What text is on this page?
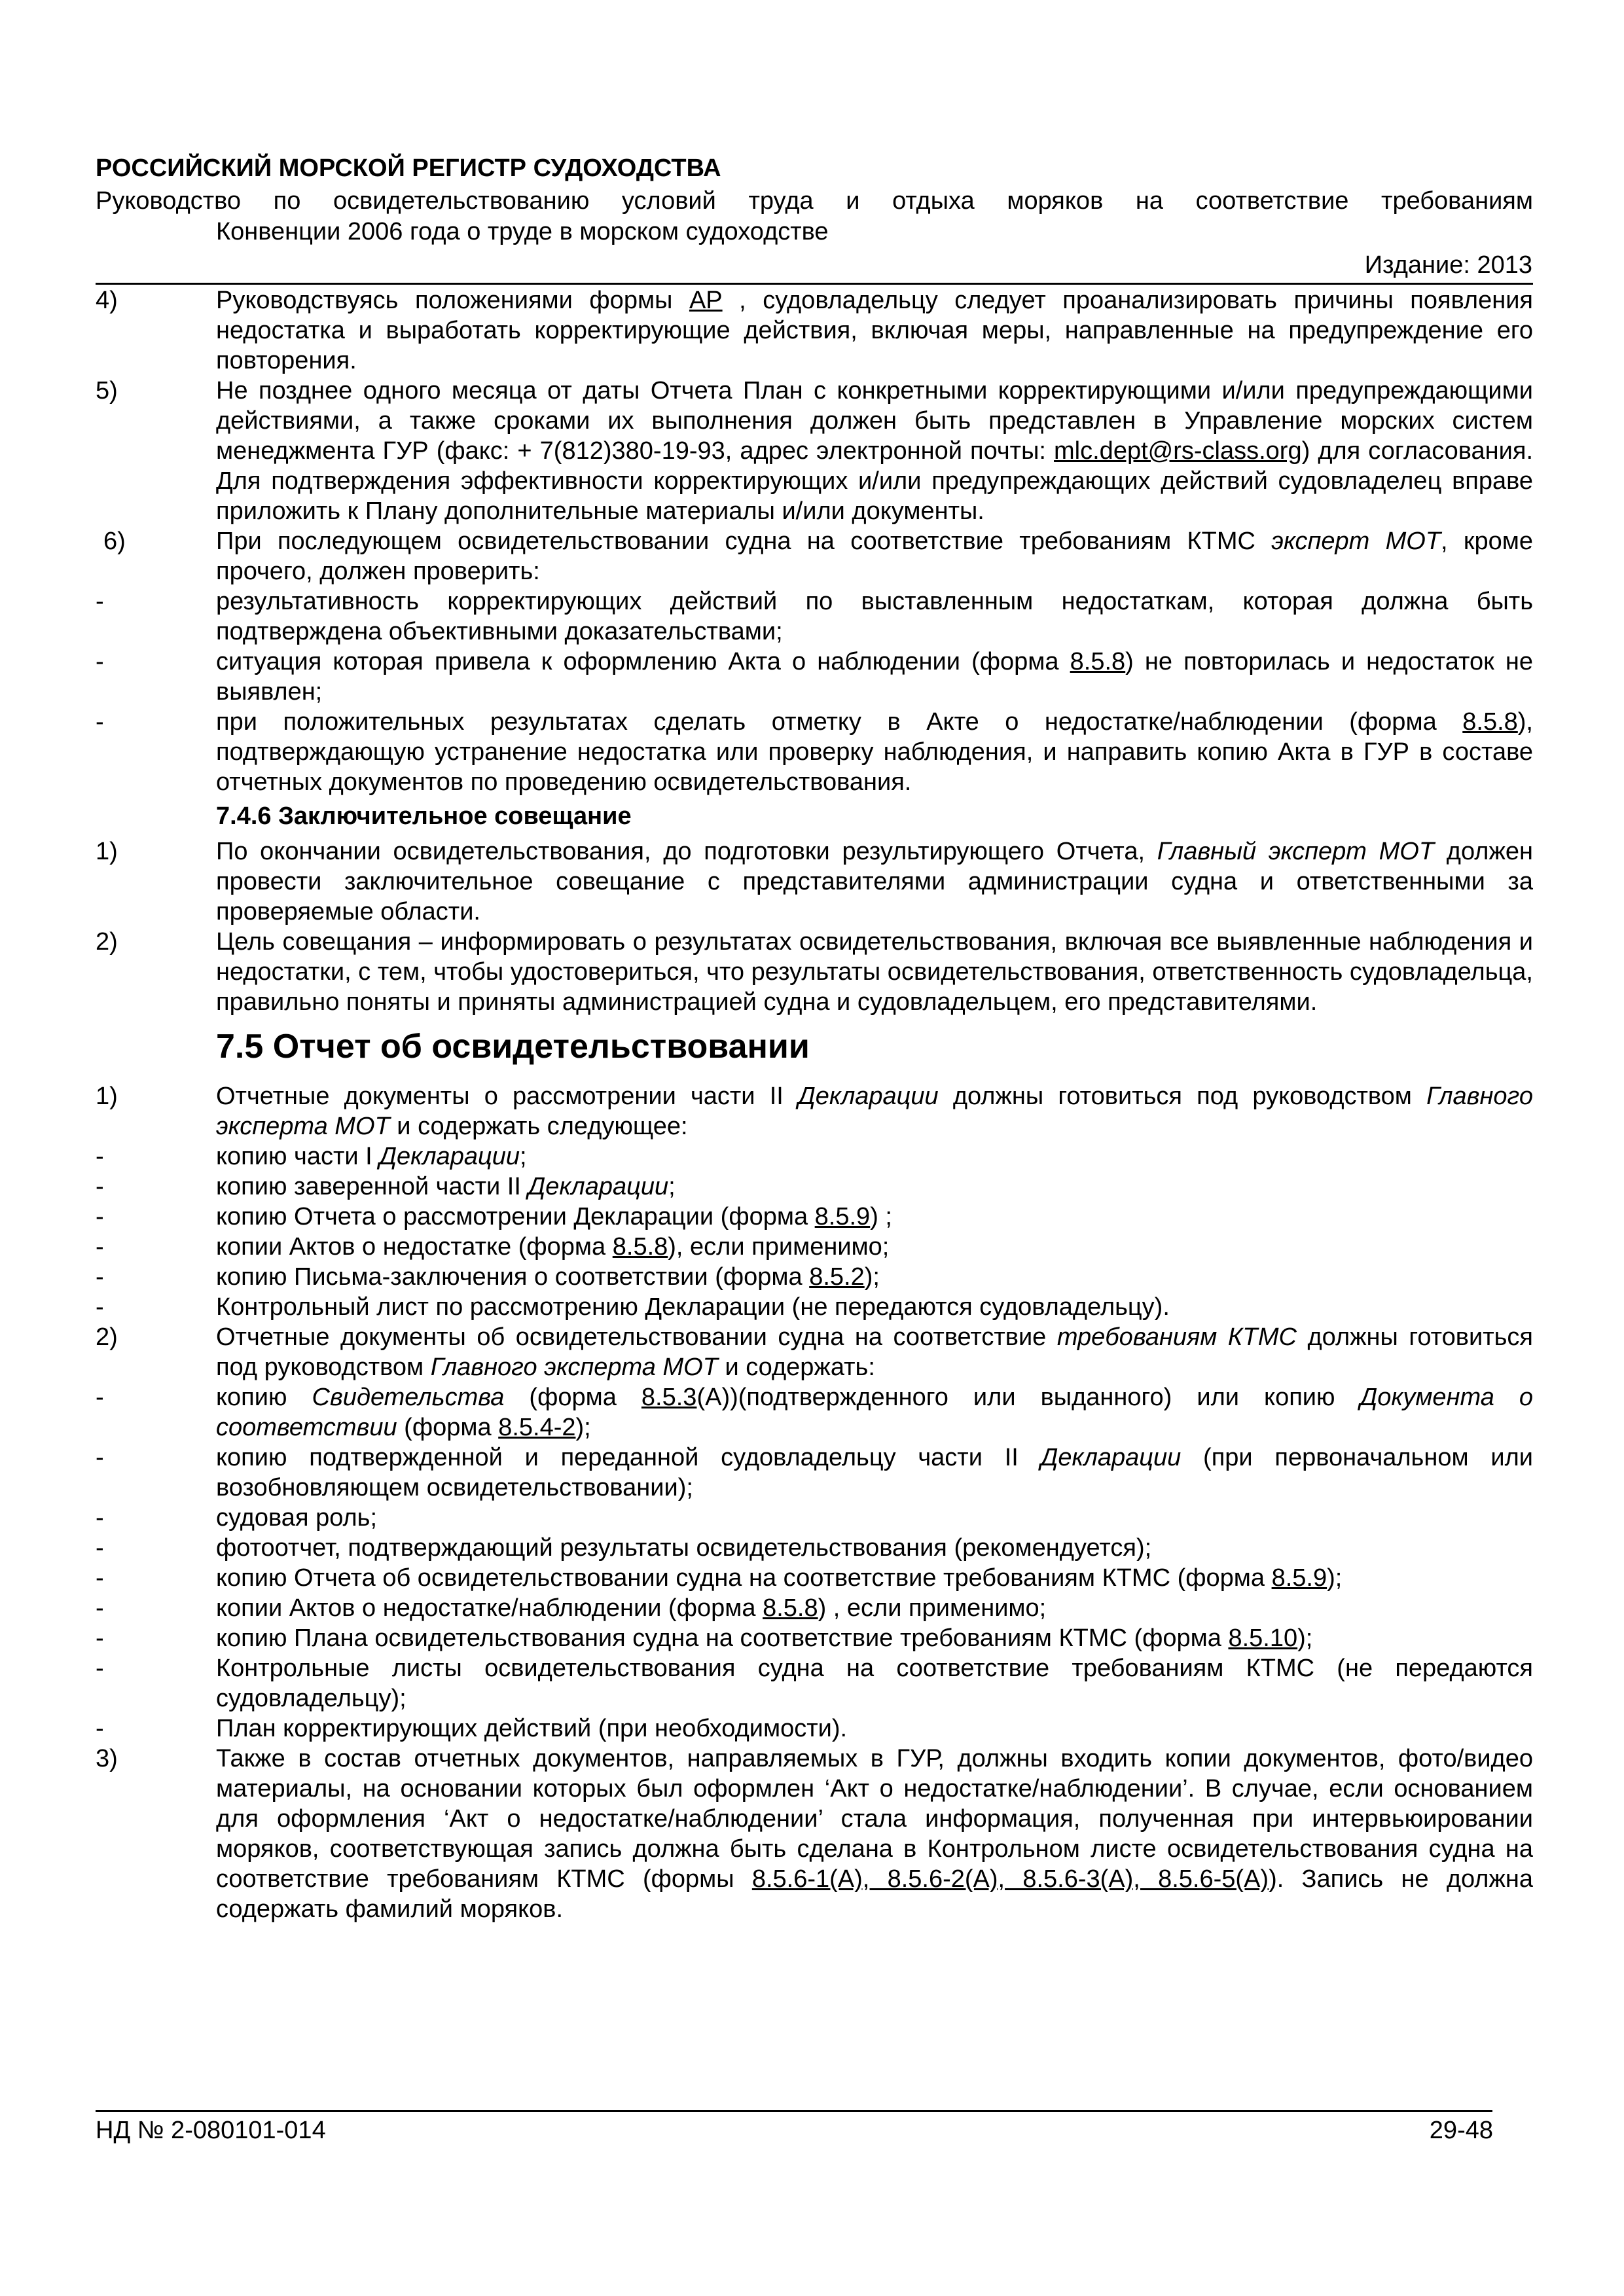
РОССИЙСКИЙ МОРСКОЙ РЕГИСТР СУДОХОДСТВА
Руководство по освидетельствованию условий труда и отдыха моряков на соответствие требованиям
Конвенции 2006 года о труде в морском судоходстве
Издание: 2013
4)	Руководствуясь положениями формы АР , судовладельцу следует проанализировать причины появления недостатка и выработать корректирующие действия, включая меры, направленные на предупреждение его повторения.
5)	Не позднее одного месяца от даты Отчета План с конкретными корректирующими и/или предупреждающими действиями, а также сроками их выполнения должен быть представлен в Управление морских систем менеджмента ГУР (факс: + 7(812)380-19-93, адрес электронной почты: mlc.dept@rs-class.org) для согласования. Для подтверждения эффективности корректирующих и/или предупреждающих действий судовладелец вправе приложить к Плану дополнительные материалы и/или документы.
6)	При последующем освидетельствовании судна на соответствие требованиям КТМС эксперт МОТ, кроме прочего, должен проверить:
-	результативность корректирующих действий по выставленным недостаткам, которая должна быть подтверждена объективными доказательствами;
-	ситуация которая привела к оформлению Акта о наблюдении (форма 8.5.8) не повторилась и недостаток не выявлен;
-	при положительных результатах сделать отметку в Акте о недостатке/наблюдении (форма 8.5.8), подтверждающую устранение недостатка или проверку наблюдения, и направить копию Акта в ГУР в составе отчетных документов по проведению освидетельствования.
7.4.6 Заключительное совещание
1)	По окончании освидетельствования, до подготовки результирующего Отчета, Главный эксперт МОТ должен провести заключительное совещание с представителями администрации судна и ответственными за проверяемые области.
2)	Цель совещания – информировать о результатах освидетельствования, включая все выявленные наблюдения и недостатки, с тем, чтобы удостовериться, что результаты освидетельствования, ответственность судовладельца, правильно поняты и приняты администрацией судна и судовладельцем, его представителями.
7.5 Отчет об освидетельствовании
1)	Отчетные документы о рассмотрении части II Декларации должны готовиться под руководством Главного эксперта МОТ и содержать следующее:
-	копию части I Декларации;
-	копию заверенной части II Декларации;
-	копию Отчета о рассмотрении Декларации (форма 8.5.9) ;
-	копии Актов о недостатке (форма 8.5.8), если применимо;
-	копию Письма-заключения о соответствии (форма 8.5.2);
-	Контрольный лист по рассмотрению Декларации (не передаются судовладельцу).
2)	Отчетные документы об освидетельствовании судна на соответствие требованиям КТМС должны готовиться под руководством Главного эксперта МОТ и содержать:
-	копию Свидетельства (форма 8.5.3(А))(подтвержденного или выданного) или копию Документа о соответствии (форма 8.5.4-2);
-	копию подтвержденной и переданной судовладельцу части II Декларации (при первоначальном или возобновляющем освидетельствовании);
-	судовая роль;
-	фотоотчет, подтверждающий результаты освидетельствования (рекомендуется);
-	копию Отчета об освидетельствовании судна на соответствие требованиям КТМС (форма 8.5.9);
-	копии Актов о недостатке/наблюдении (форма 8.5.8) , если применимо;
-	копию Плана освидетельствования судна на соответствие требованиям КТМС (форма 8.5.10);
-	Контрольные листы освидетельствования судна на соответствие требованиям КТМС (не передаются судовладельцу);
-	План корректирующих действий (при необходимости).
3)	Также в состав отчетных документов, направляемых в ГУР, должны входить копии документов, фото/видео материалы, на основании которых был оформлен ‘Акт о недостатке/наблюдении’. В случае, если основанием для оформления ‘Акт о недостатке/наблюдении’ стала информация, полученная при интервьюировании моряков, соответствующая запись должна быть сделана в Контрольном листе освидетельствования судна на соответствие требованиям КТМС (формы 8.5.6-1(А), 8.5.6-2(А), 8.5.6-3(А), 8.5.6-5(А)). Запись не должна содержать фамилий моряков.
НД № 2-080101-014	29-48
